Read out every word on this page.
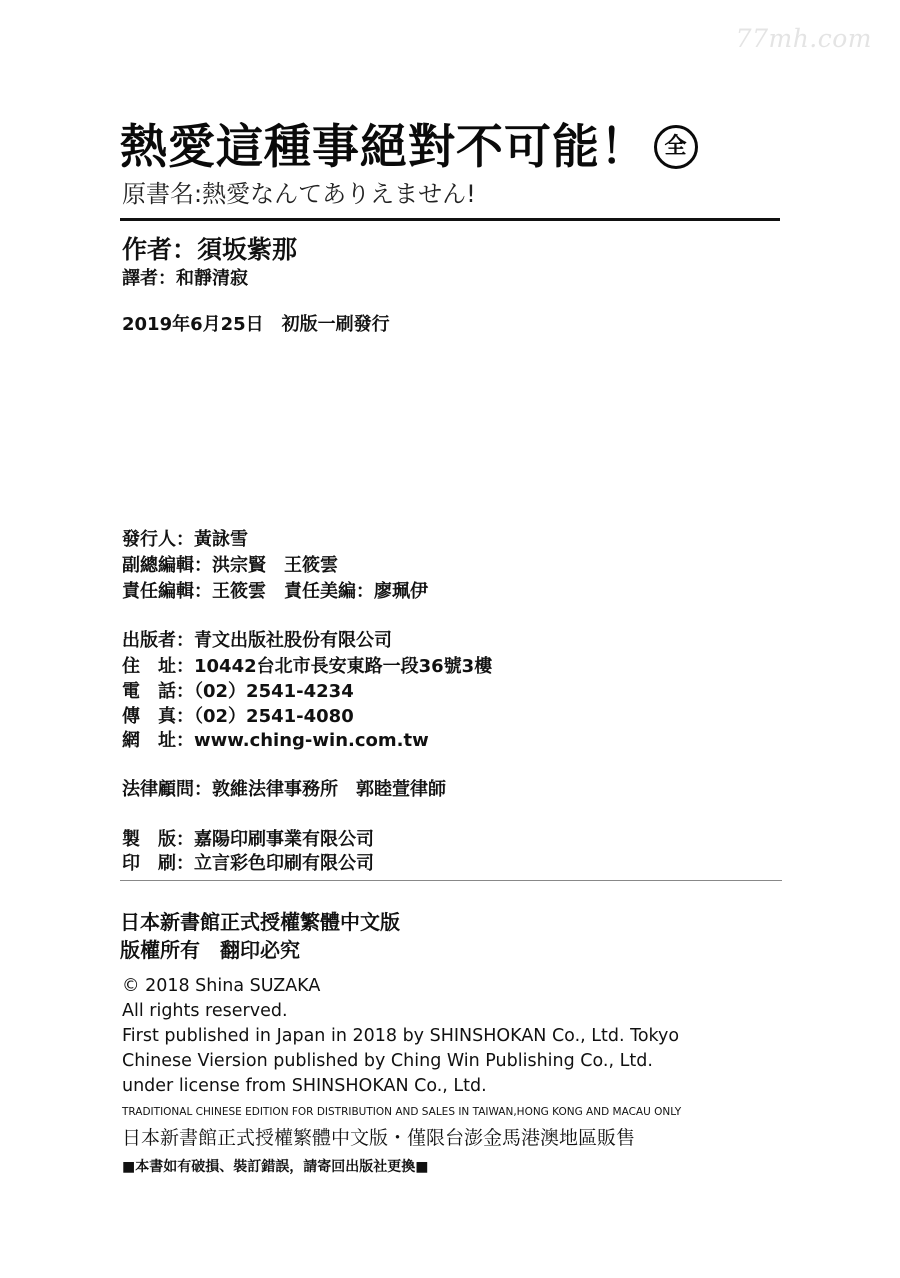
77mh.com
熱愛這種事絕對不可能！ 全
原書名:熱愛なんてありえません!
作者：須坂紫那
譯者：和靜清寂
2019年6月25日　初版一刷發行
發行人：黃詠雪
副總編輯：洪宗賢　王筱雲
責任編輯：王筱雲　責任美編：廖珮伊
出版者：青文出版社股份有限公司
住　址：10442台北市長安東路一段36號3樓
電　話：（02）2541-4234
傳　真：（02）2541-4080
網　址：www.ching-win.com.tw
法律顧問：敦維法律事務所　郭睦萱律師
製　版：嘉陽印刷事業有限公司
印　刷：立言彩色印刷有限公司
日本新書館正式授權繁體中文版
版權所有　翻印必究
© 2018 Shina SUZAKA
All rights reserved.
First published in Japan in 2018 by SHINSHOKAN Co., Ltd. Tokyo
Chinese Viersion published by Ching Win Publishing Co., Ltd.
under license from SHINSHOKAN Co., Ltd.
TRADITIONAL CHINESE EDITION FOR DISTRIBUTION AND SALES IN TAIWAN,HONG KONG AND MACAU ONLY
日本新書館正式授權繁體中文版・僅限台澎金馬港澳地區販售
■本書如有破損、裝訂錯誤，請寄回出版社更換■
